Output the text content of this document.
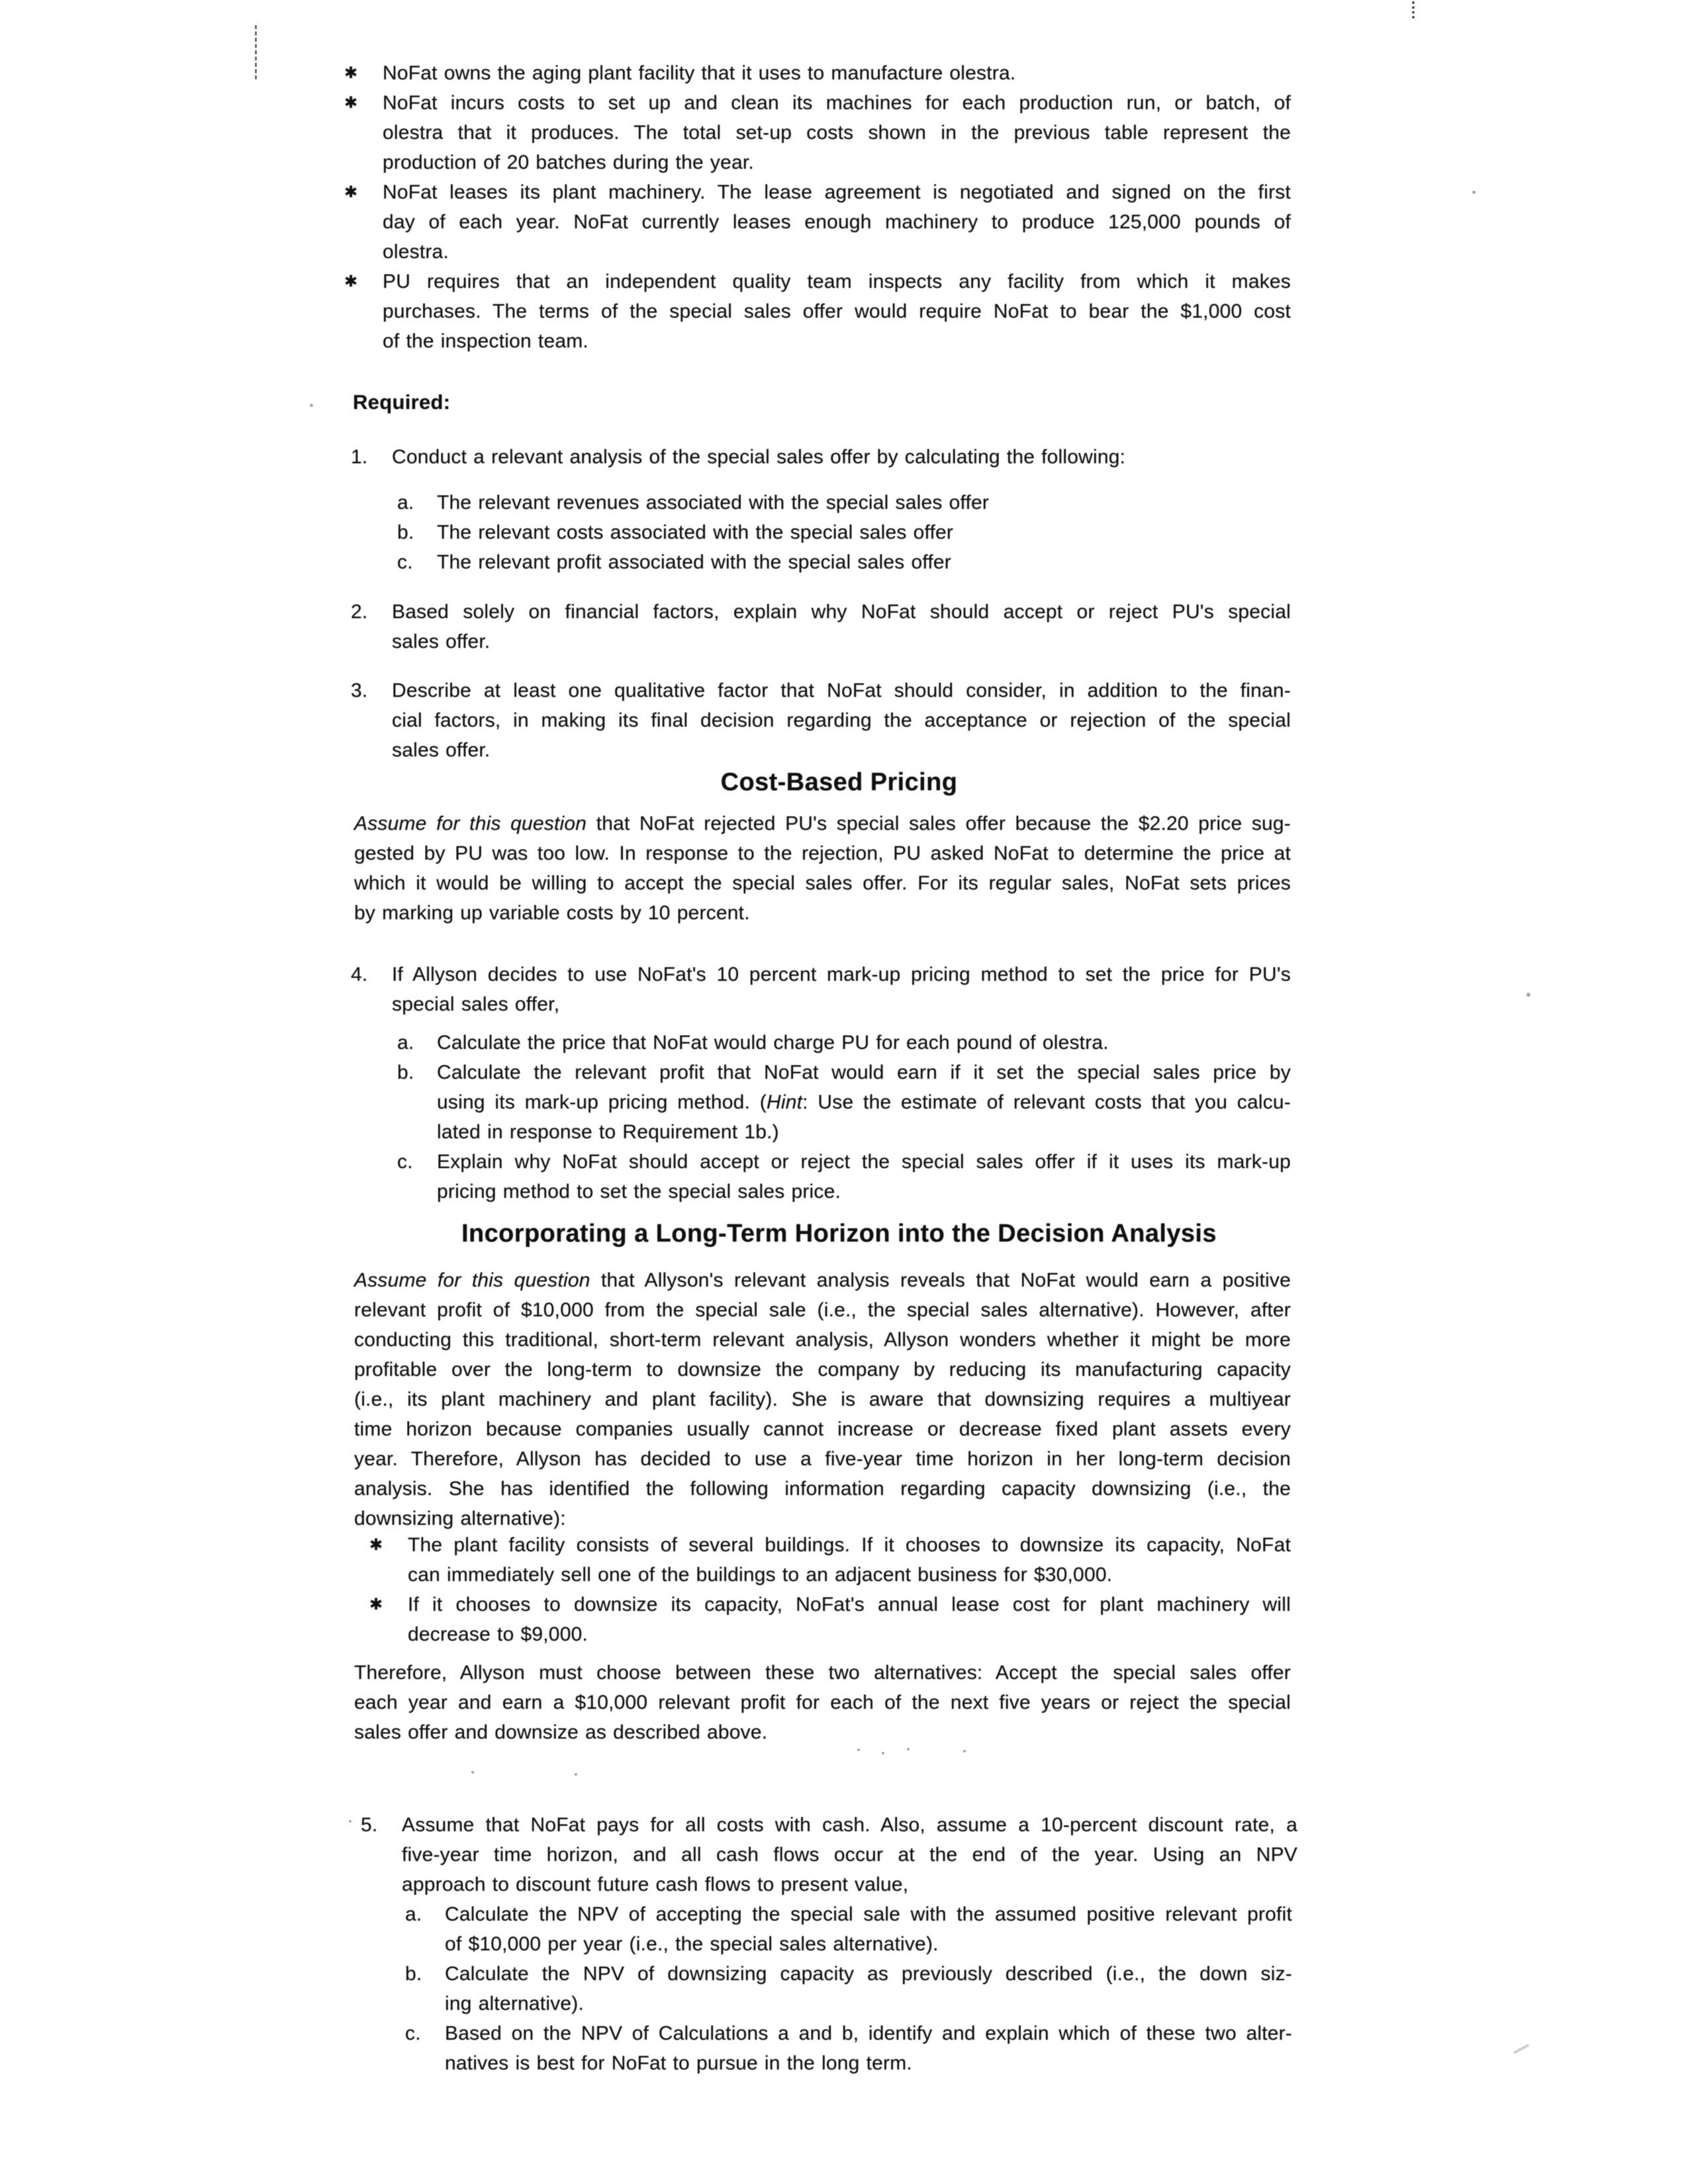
✱	NoFat owns the aging plant facility that it uses to manufacture olestra.
✱	NoFat incurs costs to set up and clean its machines for each production run, or batch, of
olestra that it produces. The total set-up costs shown in the previous table represent the
production of 20 batches during the year.
✱	NoFat leases its plant machinery. The lease agreement is negotiated and signed on the first
day of each year. NoFat currently leases enough machinery to produce 125,000 pounds of
olestra.
✱	PU requires that an independent quality team inspects any facility from which it makes
purchases. The terms of the special sales offer would require NoFat to bear the $1,000 cost
of the inspection team.
Required:
1.	Conduct a relevant analysis of the special sales offer by calculating the following:
a.	The relevant revenues associated with the special sales offer
b.	The relevant costs associated with the special sales offer
c.	The relevant profit associated with the special sales offer
2.	Based solely on financial factors, explain why NoFat should accept or reject PU's special
sales offer.
3.	Describe at least one qualitative factor that NoFat should consider, in addition to the finan-
cial factors, in making its final decision regarding the acceptance or rejection of the special
sales offer.
Cost-Based Pricing
Assume for this question that NoFat rejected PU's special sales offer because the $2.20 price sug-
gested by PU was too low. In response to the rejection, PU asked NoFat to determine the price at
which it would be willing to accept the special sales offer. For its regular sales, NoFat sets prices
by marking up variable costs by 10 percent.
4.	If Allyson decides to use NoFat's 10 percent mark-up pricing method to set the price for PU's
special sales offer,
a.	Calculate the price that NoFat would charge PU for each pound of olestra.
b.	Calculate the relevant profit that NoFat would earn if it set the special sales price by
using its mark-up pricing method. (Hint: Use the estimate of relevant costs that you calcu-
lated in response to Requirement 1b.)
c.	Explain why NoFat should accept or reject the special sales offer if it uses its mark-up
pricing method to set the special sales price.
Incorporating a Long-Term Horizon into the Decision Analysis
Assume for this question that Allyson's relevant analysis reveals that NoFat would earn a positive
relevant profit of $10,000 from the special sale (i.e., the special sales alternative). However, after
conducting this traditional, short-term relevant analysis, Allyson wonders whether it might be more
profitable over the long-term to downsize the company by reducing its manufacturing capacity
(i.e., its plant machinery and plant facility). She is aware that downsizing requires a multiyear
time horizon because companies usually cannot increase or decrease fixed plant assets every
year. Therefore, Allyson has decided to use a five-year time horizon in her long-term decision
analysis. She has identified the following information regarding capacity downsizing (i.e., the
downsizing alternative):
✱	The plant facility consists of several buildings. If it chooses to downsize its capacity, NoFat
can immediately sell one of the buildings to an adjacent business for $30,000.
✱	If it chooses to downsize its capacity, NoFat's annual lease cost for plant machinery will
decrease to $9,000.
Therefore, Allyson must choose between these two alternatives: Accept the special sales offer
each year and earn a $10,000 relevant profit for each of the next five years or reject the special
sales offer and downsize as described above.
5.	Assume that NoFat pays for all costs with cash. Also, assume a 10-percent discount rate, a
five-year time horizon, and all cash flows occur at the end of the year. Using an NPV
approach to discount future cash flows to present value,
a.	Calculate the NPV of accepting the special sale with the assumed positive relevant profit
of $10,000 per year (i.e., the special sales alternative).
b.	Calculate the NPV of downsizing capacity as previously described (i.e., the down siz-
ing alternative).
c.	Based on the NPV of Calculations a and b, identify and explain which of these two alter-
natives is best for NoFat to pursue in the long term.
